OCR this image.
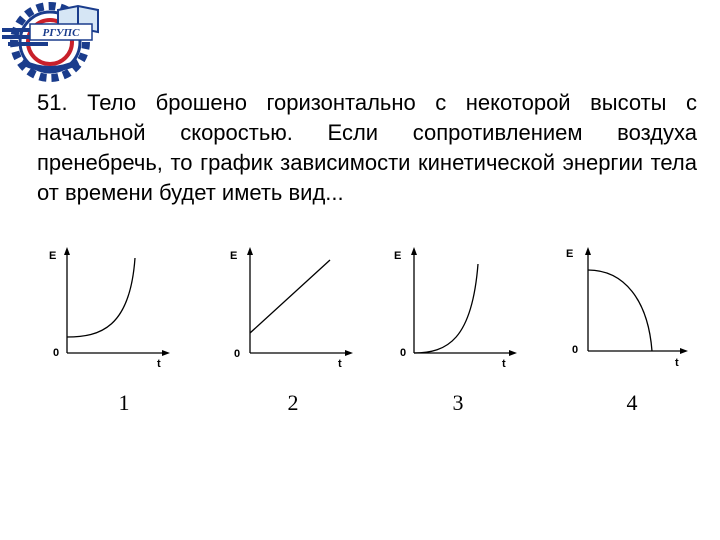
РГУПС

51. Тело брошено горизонтально с некоторой высоты с начальной скоростью. Если сопротивлением воздуха пренебречь, то график зависимости кинетической энергии тела от времени будет иметь вид...

E
t
0
E
t
0
E
t
0
E
t
0
1	2	3	4
